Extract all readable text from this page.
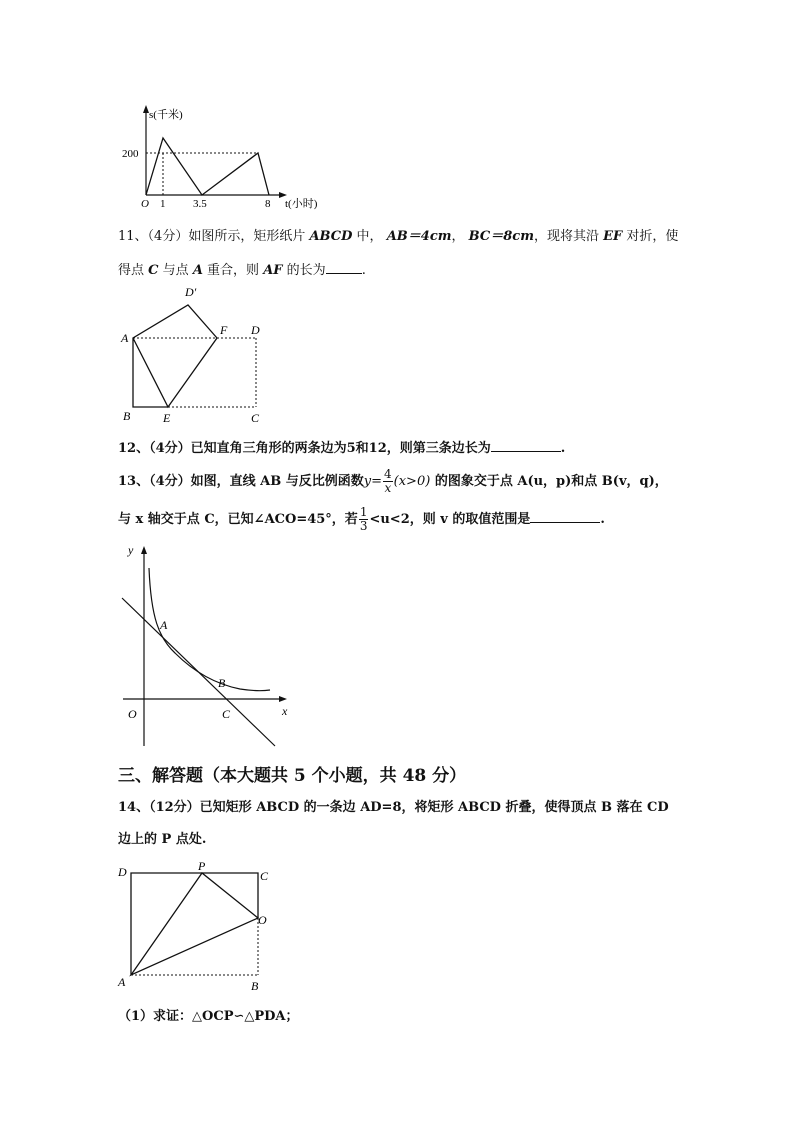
s(千米)
200
O 1	3.5	8 t(小时)
11、（4分）如图所示，矩形纸片 ABCD 中， AB＝4cm， BC＝8cm，现将其沿 EF 对折，使
得点 C 与点 A 重合，则 AF 的长为	.
D′
A
F D
B	E	C
12、（4分）已知直角三角形的两条边为5和12，则第三条边长为	.
13、（4分）如图，直线 AB 与反比例函数$y= \frac{4}{x} (x>0)$ 的图象交于点 A(u，p)和点 B(v，q)，
与 x 轴交于点 C，已知∠ACO=45°，若 $\frac{1}{3} <u<2$，则 v 的取值范围是	.
y
A
B
O	C	x
三、解答题（本大题共 5 个小题，共 48 分）
14、（12分）已知矩形 ABCD 的一条边 AD=8，将矩形 ABCD 折叠，使得顶点 B 落在 CD
边上的 P 点处.
D	P
C
O
A	B
（1）求证：△OCP∽△PDA；
